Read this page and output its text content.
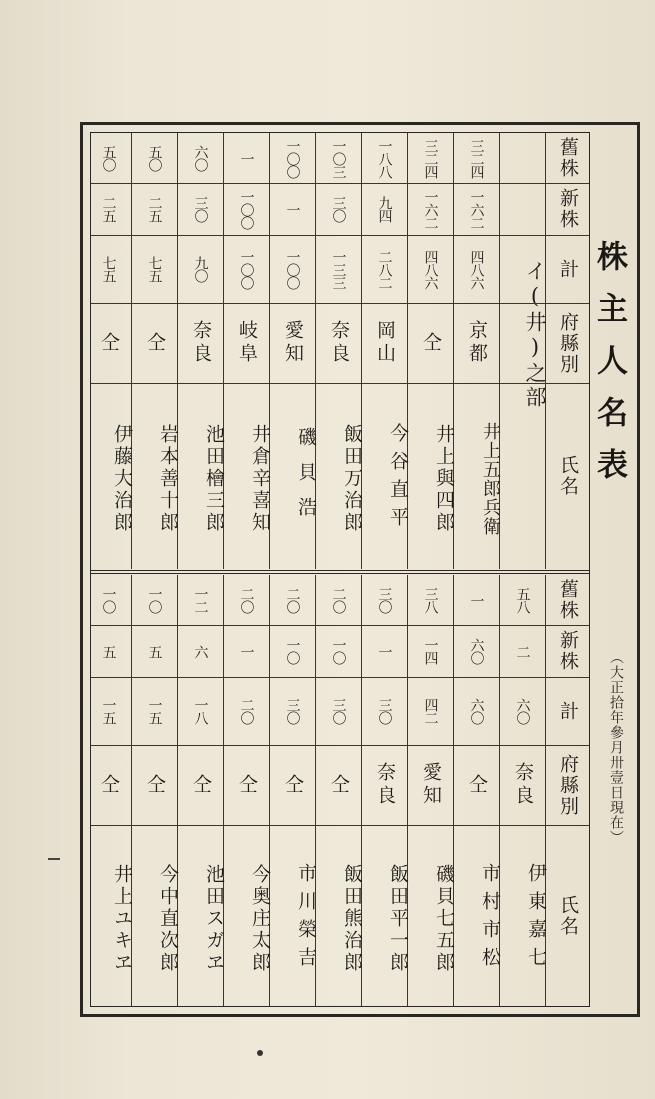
株主人名表
（大正拾年參月卅壹日現在）
舊株
新株
計
府縣別
氏名
イ(井)之部
三二四
一六二
四八六
京都
井上五郎兵衛
三二四
一六二
四八六
仝
井上與四郎
一八八
九四
二八二
岡山
今谷直平
一〇三
三〇
一三三
奈良
飯田万治郎
一〇〇
一
一〇〇
愛知
磯貝浩
一
一〇〇
一〇〇
岐阜
井倉辛喜知
六〇
三〇
九〇
奈良
池田檜三郎
五〇
二五
七五
仝
岩本善十郎
五〇
二五
七五
仝
伊藤大治郎
舊株
新株
計
府縣別
氏名
五八
二
六〇
奈良
伊東嘉七
一
六〇
六〇
仝
市村市松
三八
一四
四二
愛知
磯貝七五郎
三〇
一
三〇
奈良
飯田平一郎
二〇
一〇
三〇
仝
飯田熊治郎
二〇
一〇
三〇
仝
市川榮吉
二〇
一
二〇
仝
今奥庄太郎
一二
六
一八
仝
池田スガヱ
一〇
五
一五
仝
今中直次郎
一〇
五
一五
仝
井上ユキヱ
